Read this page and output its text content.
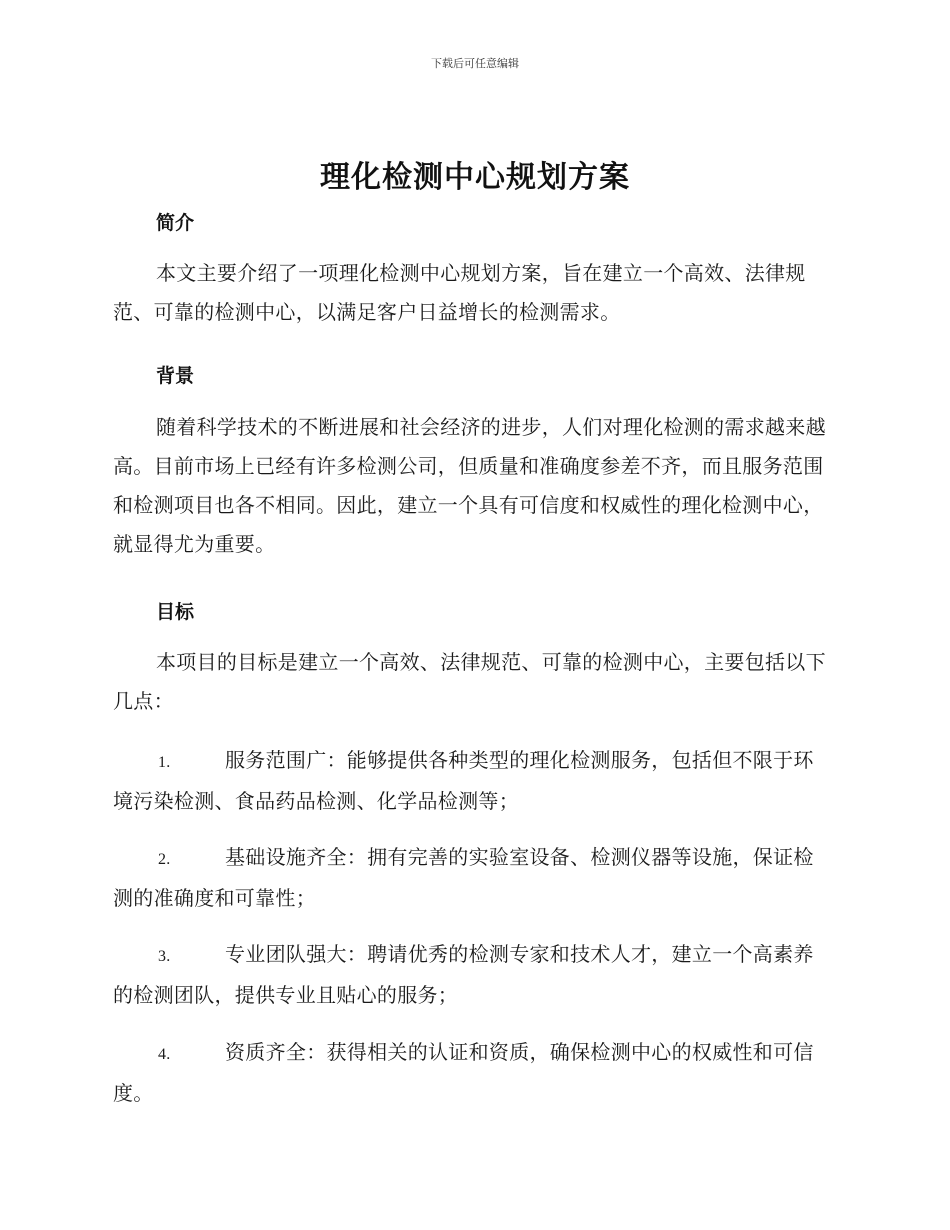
下载后可任意编辑
理化检测中心规划方案
简介

本文主要介绍了一项理化检测中心规划方案，旨在建立一个高效、法律规范、可靠的检测中心，以满足客户日益增长的检测需求。

背景

随着科学技术的不断进展和社会经济的进步，人们对理化检测的需求越来越高。目前市场上已经有许多检测公司，但质量和准确度参差不齐，而且服务范围和检测项目也各不相同。因此，建立一个具有可信度和权威性的理化检测中心，就显得尤为重要。

目标

本项目的目标是建立一个高效、法律规范、可靠的检测中心，主要包括以下几点：

1.	服务范围广：能够提供各种类型的理化检测服务，包括但不限于环境污染检测、食品药品检测、化学品检测等；

2.	基础设施齐全：拥有完善的实验室设备、检测仪器等设施，保证检测的准确度和可靠性；

3.	专业团队强大：聘请优秀的检测专家和技术人才，建立一个高素养的检测团队，提供专业且贴心的服务；

4.	资质齐全：获得相关的认证和资质，确保检测中心的权威性和可信度。
